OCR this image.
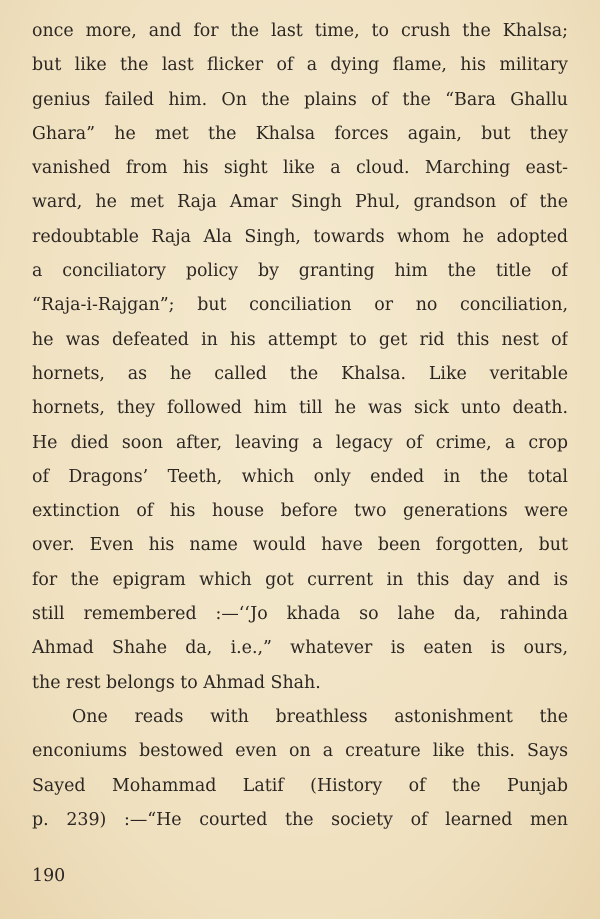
once more, and for the last time, to crush the Khalsa;
but like the last flicker of a dying flame, his military
genius failed him. On the plains of the “Bara Ghallu
Ghara” he met the Khalsa forces again, but they
vanished from his sight like a cloud. Marching east-
ward, he met Raja Amar Singh Phul, grandson of the
redoubtable Raja Ala Singh, towards whom he adopted
a conciliatory policy by granting him the title of
“Raja-i-Rajgan”; but conciliation or no conciliation,
he was defeated in his attempt to get rid this nest of
hornets, as he called the Khalsa. Like veritable
hornets, they followed him till he was sick unto death.
He died soon after, leaving a legacy of crime, a crop
of Dragons’ Teeth, which only ended in the total
extinction of his house before two generations were
over. Even his name would have been forgotten, but
for the epigram which got current in this day and is
still remembered :—‘‘Jo khada so lahe da, rahinda
Ahmad Shahe da, i.e.,” whatever is eaten is ours,
the rest belongs to Ahmad Shah.
One reads with breathless astonishment the
enconiums bestowed even on a creature like this. Says
Sayed Mohammad Latif (History of the Punjab
p. 239) :—“He courted the society of learned men
190
